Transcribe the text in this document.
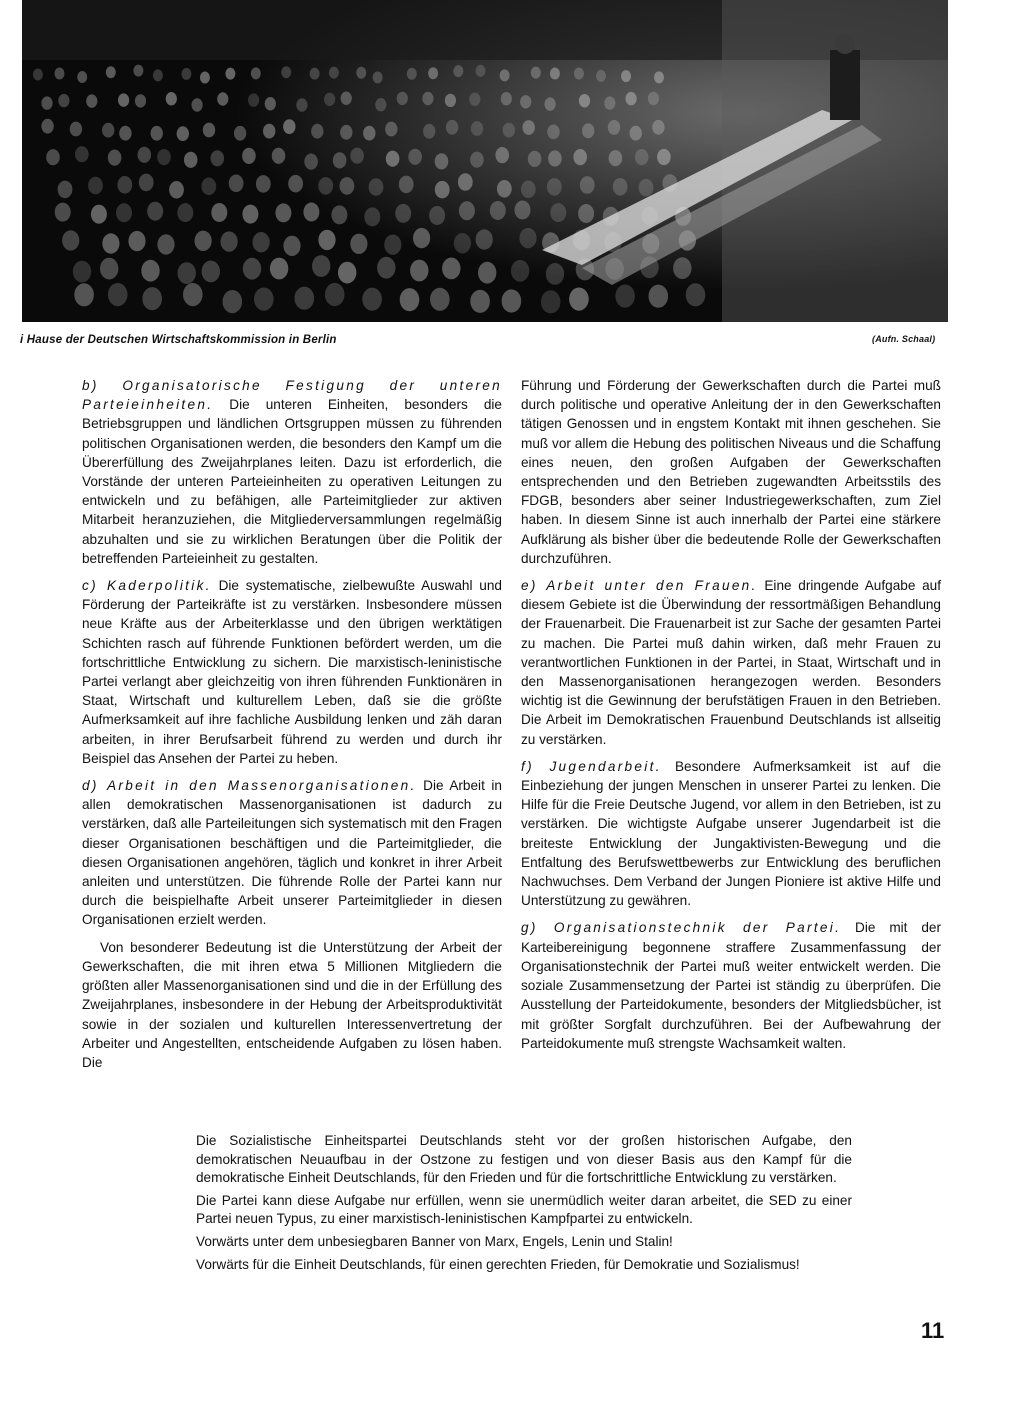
i Hause der Deutschen Wirtschaftskommission in Berlin	(Aufn. Schaal)

b) Organisatorische Festigung der unteren Parteieinheiten. Die unteren Einheiten, besonders die Betriebsgruppen und ländlichen Ortsgruppen müssen zu führenden politischen Organisationen werden, die besonders den Kampf um die Übererfüllung des Zweijahrplanes leiten. Dazu ist erforderlich, die Vorstände der unteren Parteieinheiten zu operativen Leitungen zu entwickeln und zu befähigen, alle Parteimitglieder zur aktiven Mitarbeit heranzuziehen, die Mitgliederversammlungen regelmäßig abzuhalten und sie zu wirklichen Beratungen über die Politik der betreffenden Parteieinheit zu gestalten.

c) Kaderpolitik. Die systematische, zielbewußte Auswahl und Förderung der Parteikräfte ist zu verstärken. Insbesondere müssen neue Kräfte aus der Arbeiterklasse und den übrigen werktätigen Schichten rasch auf führende Funktionen befördert werden, um die fortschrittliche Entwicklung zu sichern. Die marxistisch-leninistische Partei verlangt aber gleichzeitig von ihren führenden Funktionären in Staat, Wirtschaft und kulturellem Leben, daß sie die größte Aufmerksamkeit auf ihre fachliche Ausbildung lenken und zäh daran arbeiten, in ihrer Berufsarbeit führend zu werden und durch ihr Beispiel das Ansehen der Partei zu heben.

d) Arbeit in den Massenorganisationen. Die Arbeit in allen demokratischen Massenorganisationen ist dadurch zu verstärken, daß alle Parteileitungen sich systematisch mit den Fragen dieser Organisationen beschäftigen und die Parteimitglieder, die diesen Organisationen angehören, täglich und konkret in ihrer Arbeit anleiten und unterstützen. Die führende Rolle der Partei kann nur durch die beispielhafte Arbeit unserer Parteimitglieder in diesen Organisationen erzielt werden.

Von besonderer Bedeutung ist die Unterstützung der Arbeit der Gewerkschaften, die mit ihren etwa 5 Millionen Mitgliedern die größten aller Massenorganisationen sind und die in der Erfüllung des Zweijahrplanes, insbesondere in der Hebung der Arbeitsproduktivität sowie in der sozialen und kulturellen Interessenvertretung der Arbeiter und Angestellten, entscheidende Aufgaben zu lösen haben. Die

Führung und Förderung der Gewerkschaften durch die Partei muß durch politische und operative Anleitung der in den Gewerkschaften tätigen Genossen und in engstem Kontakt mit ihnen geschehen. Sie muß vor allem die Hebung des politischen Niveaus und die Schaffung eines neuen, den großen Aufgaben der Gewerkschaften entsprechenden und den Betrieben zugewandten Arbeitsstils des FDGB, besonders aber seiner Industriegewerkschaften, zum Ziel haben. In diesem Sinne ist auch innerhalb der Partei eine stärkere Aufklärung als bisher über die bedeutende Rolle der Gewerkschaften durchzuführen.

e) Arbeit unter den Frauen. Eine dringende Aufgabe auf diesem Gebiete ist die Überwindung der ressortmäßigen Behandlung der Frauenarbeit. Die Frauenarbeit ist zur Sache der gesamten Partei zu machen. Die Partei muß dahin wirken, daß mehr Frauen zu verantwortlichen Funktionen in der Partei, in Staat, Wirtschaft und in den Massenorganisationen herangezogen werden. Besonders wichtig ist die Gewinnung der berufstätigen Frauen in den Betrieben. Die Arbeit im Demokratischen Frauenbund Deutschlands ist allseitig zu verstärken.

f) Jugendarbeit. Besondere Aufmerksamkeit ist auf die Einbeziehung der jungen Menschen in unserer Partei zu lenken. Die Hilfe für die Freie Deutsche Jugend, vor allem in den Betrieben, ist zu verstärken. Die wichtigste Aufgabe unserer Jugendarbeit ist die breiteste Entwicklung der Jungaktivisten-Bewegung und die Entfaltung des Berufswettbewerbs zur Entwicklung des beruflichen Nachwuchses. Dem Verband der Jungen Pioniere ist aktive Hilfe und Unterstützung zu gewähren.

g) Organisationstechnik der Partei. Die mit der Karteibereinigung begonnene straffere Zusammenfassung der Organisationstechnik der Partei muß weiter entwickelt werden. Die soziale Zusammensetzung der Partei ist ständig zu überprüfen. Die Ausstellung der Parteidokumente, besonders der Mitgliedsbücher, ist mit größter Sorgfalt durchzuführen. Bei der Aufbewahrung der Parteidokumente muß strengste Wachsamkeit walten.

Die Sozialistische Einheitspartei Deutschlands steht vor der großen historischen Aufgabe, den demokratischen Neuaufbau in der Ostzone zu festigen und von dieser Basis aus den Kampf für die demokratische Einheit Deutschlands, für den Frieden und für die fortschrittliche Entwicklung zu verstärken.

Die Partei kann diese Aufgabe nur erfüllen, wenn sie unermüdlich weiter daran arbeitet, die SED zu einer Partei neuen Typus, zu einer marxistisch-leninistischen Kampfpartei zu entwickeln.

Vorwärts unter dem unbesiegbaren Banner von Marx, Engels, Lenin und Stalin!

Vorwärts für die Einheit Deutschlands, für einen gerechten Frieden, für Demokratie und Sozialismus!

11
